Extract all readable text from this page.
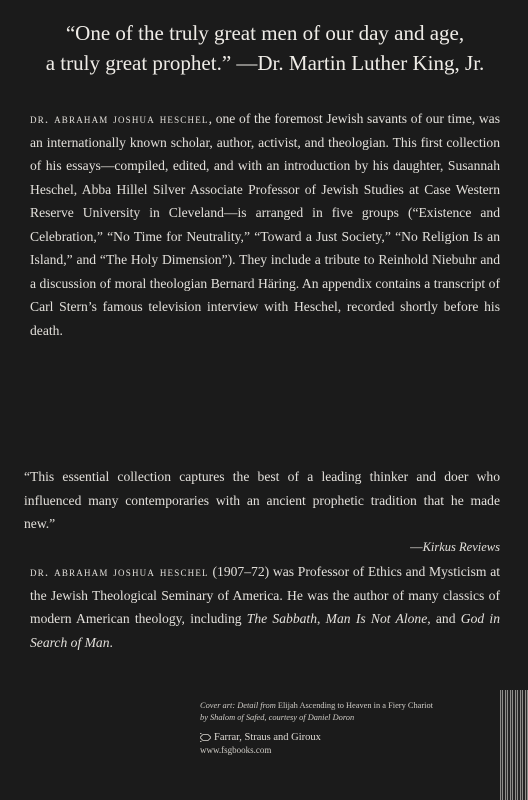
“One of the truly great men of our day and age,
a truly great prophet.” —Dr. Martin Luther King, Jr.
dr. abraham joshua heschel, one of the foremost Jewish savants of our time, was an internationally known scholar, author, activist, and theologian. This first collection of his essays—compiled, edited, and with an introduction by his daughter, Susannah Heschel, Abba Hillel Silver Associate Professor of Jewish Studies at Case Western Reserve University in Cleveland—is arranged in five groups (“Existence and Celebration,” “No Time for Neutrality,” “Toward a Just Society,” “No Religion Is an Island,” and “The Holy Dimension”). They include a tribute to Reinhold Niebuhr and a discussion of moral theologian Bernard Häring. An appendix contains a transcript of Carl Stern’s famous television interview with Heschel, recorded shortly before his death.
“This essential collection captures the best of a leading thinker and doer who influenced many contemporaries with an ancient prophetic tradition that he made new.”
—Kirkus Reviews
dr. abraham joshua heschel (1907–72) was Professor of Ethics and Mysticism at the Jewish Theological Seminary of America. He was the author of many classics of modern American theology, including The Sabbath, Man Is Not Alone, and God in Search of Man.
Cover art: Detail from Elijah Ascending to Heaven in a Fiery Chariot
by Shalom of Safed, courtesy of Daniel Doron
Farrar, Straus and Giroux
www.fsgbooks.com
